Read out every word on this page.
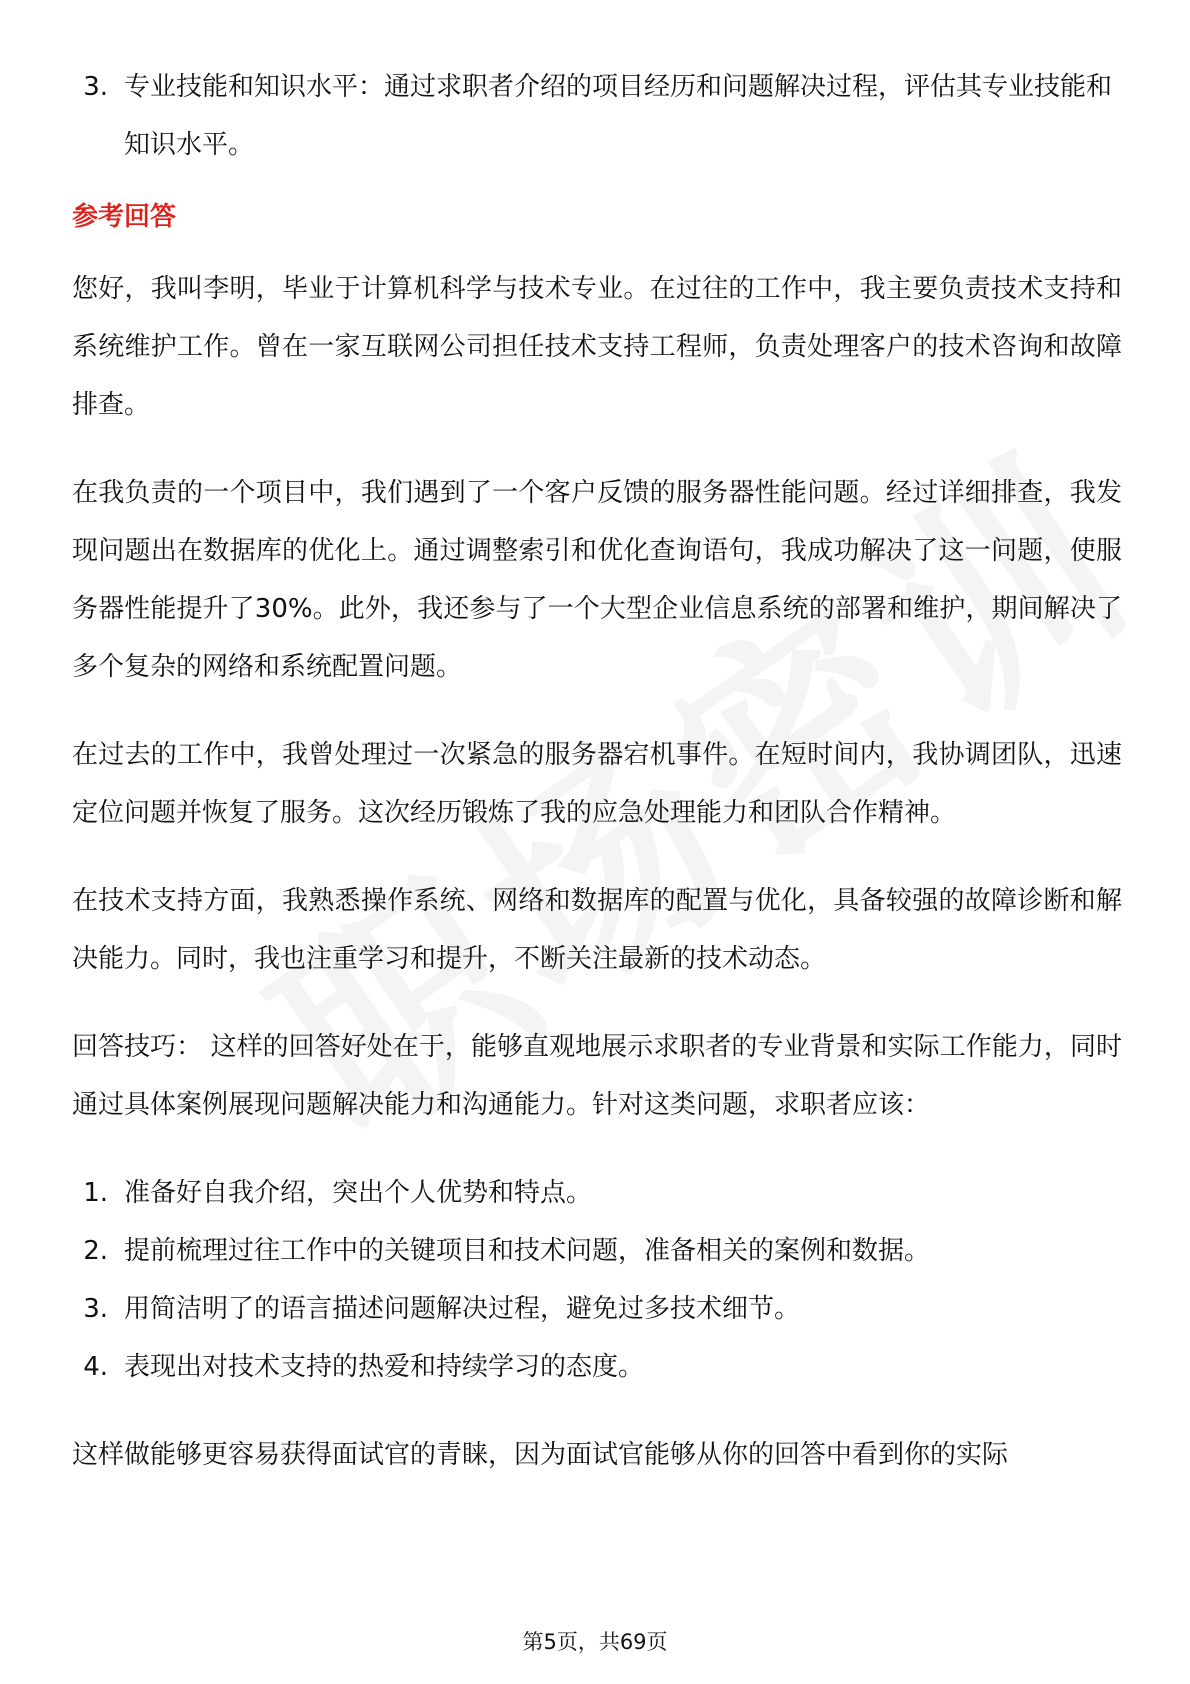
3. 专业技能和知识水平：通过求职者介绍的项目经历和问题解决过程，评估其专业技能和知识水平。
参考回答

您好，我叫李明，毕业于计算机科学与技术专业。在过往的工作中，我主要负责技术支持和系统维护工作。曾在一家互联网公司担任技术支持工程师，负责处理客户的技术咨询和故障排查。

在我负责的一个项目中，我们遇到了一个客户反馈的服务器性能问题。经过详细排查，我发现问题出在数据库的优化上。通过调整索引和优化查询语句，我成功解决了这一问题，使服务器性能提升了30%。此外，我还参与了一个大型企业信息系统的部署和维护，期间解决了多个复杂的网络和系统配置问题。

在过去的工作中，我曾处理过一次紧急的服务器宕机事件。在短时间内，我协调团队，迅速定位问题并恢复了服务。这次经历锻炼了我的应急处理能力和团队合作精神。

在技术支持方面，我熟悉操作系统、网络和数据库的配置与优化，具备较强的故障诊断和解决能力。同时，我也注重学习和提升，不断关注最新的技术动态。

回答技巧： 这样的回答好处在于，能够直观地展示求职者的专业背景和实际工作能力，同时通过具体案例展现问题解决能力和沟通能力。针对这类问题，求职者应该：

1. 准备好自我介绍，突出个人优势和特点。
2. 提前梳理过往工作中的关键项目和技术问题，准备相关的案例和数据。
3. 用简洁明了的语言描述问题解决过程，避免过多技术细节。
4. 表现出对技术支持的热爱和持续学习的态度。

这样做能够更容易获得面试官的青睐，因为面试官能够从你的回答中看到你的实际

第5页，共69页
